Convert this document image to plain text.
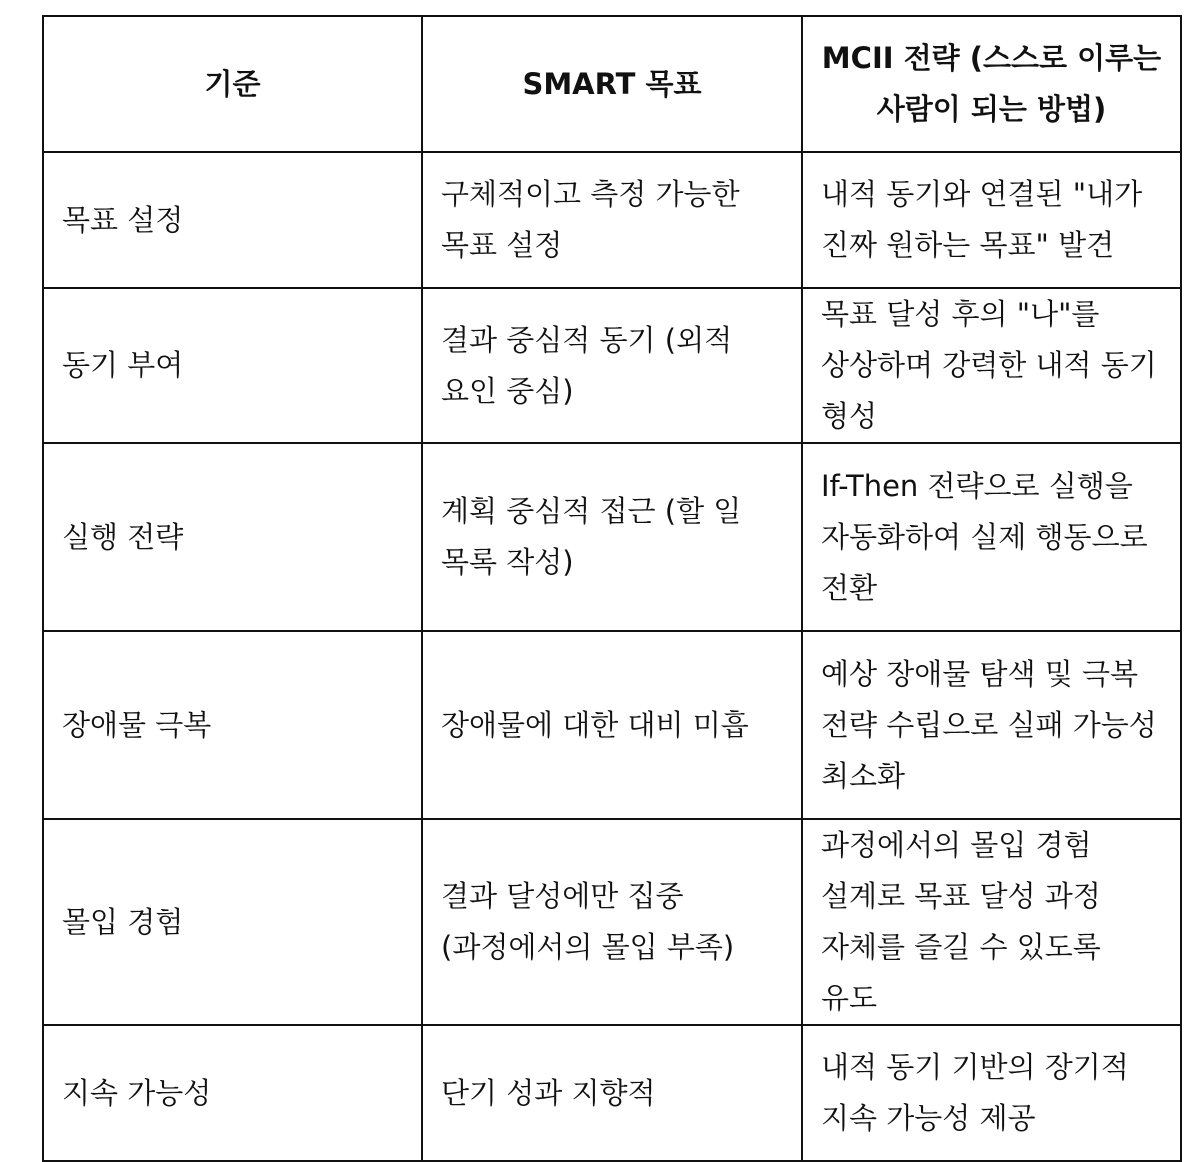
기준	SMART 목표	MCII 전략 (스스로 이루는 사람이 되는 방법)
목표 설정	구체적이고 측정 가능한 목표 설정	내적 동기와 연결된 "내가 진짜 원하는 목표" 발견
동기 부여	결과 중심적 동기 (외적 요인 중심)	목표 달성 후의 "나"를 상상하며 강력한 내적 동기 형성
실행 전략	계획 중심적 접근 (할 일 목록 작성)	If-Then 전략으로 실행을 자동화하여 실제 행동으로 전환
장애물 극복	장애물에 대한 대비 미흡	예상 장애물 탐색 및 극복 전략 수립으로 실패 가능성 최소화
몰입 경험	결과 달성에만 집중 (과정에서의 몰입 부족)	과정에서의 몰입 경험 설계로 목표 달성 과정 자체를 즐길 수 있도록 유도
지속 가능성	단기 성과 지향적	내적 동기 기반의 장기적 지속 가능성 제공
